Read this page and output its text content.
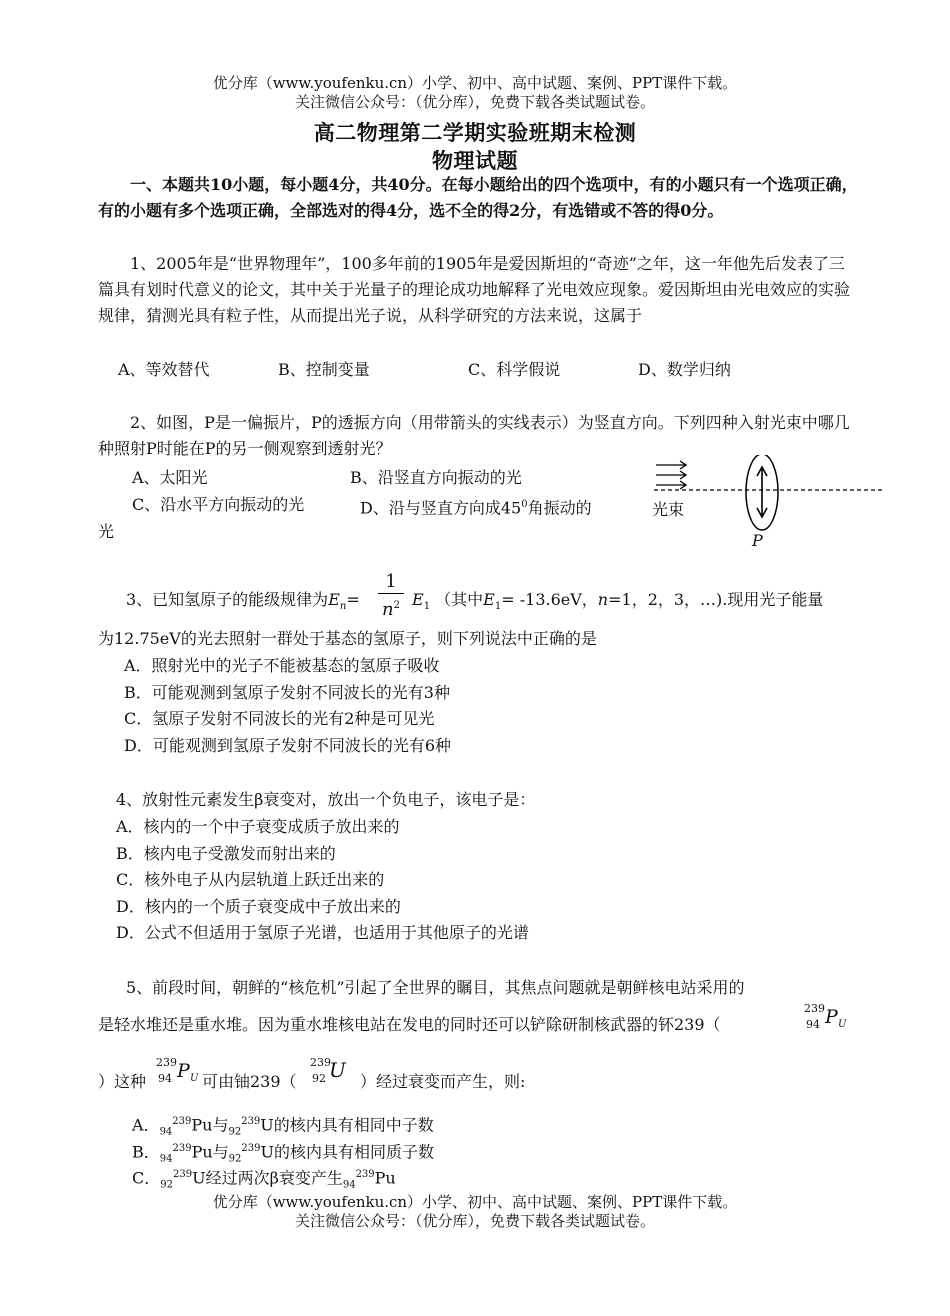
优分库（www.youfenku.cn）小学、初中、高中试题、案例、PPT课件下载。
关注微信公众号：（优分库），免费下载各类试题试卷。
高二物理第二学期实验班期末检测
物理试题
一、本题共10小题，每小题4分，共40分。在每小题给出的四个选项中，有的小题只有一个选项正确，有的小题有多个选项正确，全部选对的得4分，选不全的得2分，有选错或不答的得0分。
1、2005年是“世界物理年”，100多年前的1905年是爱因斯坦的“奇迹”之年，这一年他先后发表了三篇具有划时代意义的论文，其中关于光量子的理论成功地解释了光电效应现象。爱因斯坦由光电效应的实验规律，猜测光具有粒子性，从而提出光子说，从科学研究的方法来说，这属于
A、等效替代	B、控制变量	C、科学假说	D、数学归纳
2、如图，P是一偏振片，P的透振方向（用带箭头的实线表示）为竖直方向。下列四种入射光束中哪几种照射P时能在P的另一侧观察到透射光？
A、太阳光	B、沿竖直方向振动的光
C、沿水平方向振动的光	D、沿与竖直方向成$45^0$角振动的
光
光束
P
3、已知氢原子的能级规律为$E_n=$
1
$n^2$ $E_1$ （其中$E_1= -13.6eV$，n=1，2，3，…).现用光子能量
为12.75eV的光去照射一群处于基态的氢原子，则下列说法中正确的是
A．照射光中的光子不能被基态的氢原子吸收
B．可能观测到氢原子发射不同波长的光有3种
C．氢原子发射不同波长的光有2种是可见光
D．可能观测到氢原子发射不同波长的光有6种
4、放射性元素发生β衰变对，放出一个负电子，该电子是：
A．核内的一个中子衰变成质子放出来的
B．核内电子受激发而射出来的
C．核外电子从内层轨道上跃迁出来的
D．核内的一个质子衰变成中子放出来的
D．公式不但适用于氢原子光谱，也适用于其他原子的光谱
5、前段时间，朝鲜的“核危机”引起了全世界的瞩目，其焦点问题就是朝鲜核电站采用的
是轻水堆还是重水堆。因为重水堆核电站在发电的同时还可以铲除研制核武器的钚239（
239
94 P U
）这种
239
94 P U 可由铀239（
239
92 U ）经过衰变而产生，则:
A．$_{94}^{239}$Pu与$_{92}^{239}$U的核内具有相同中子数
B．$_{94}^{239}$Pu与$_{92}^{239}$U的核内具有相同质子数
C．$_{92}^{239}$U经过两次β衰变产生$_{94}^{239}$Pu
优分库（www.youfenku.cn）小学、初中、高中试题、案例、PPT课件下载。
关注微信公众号：（优分库），免费下载各类试题试卷。
